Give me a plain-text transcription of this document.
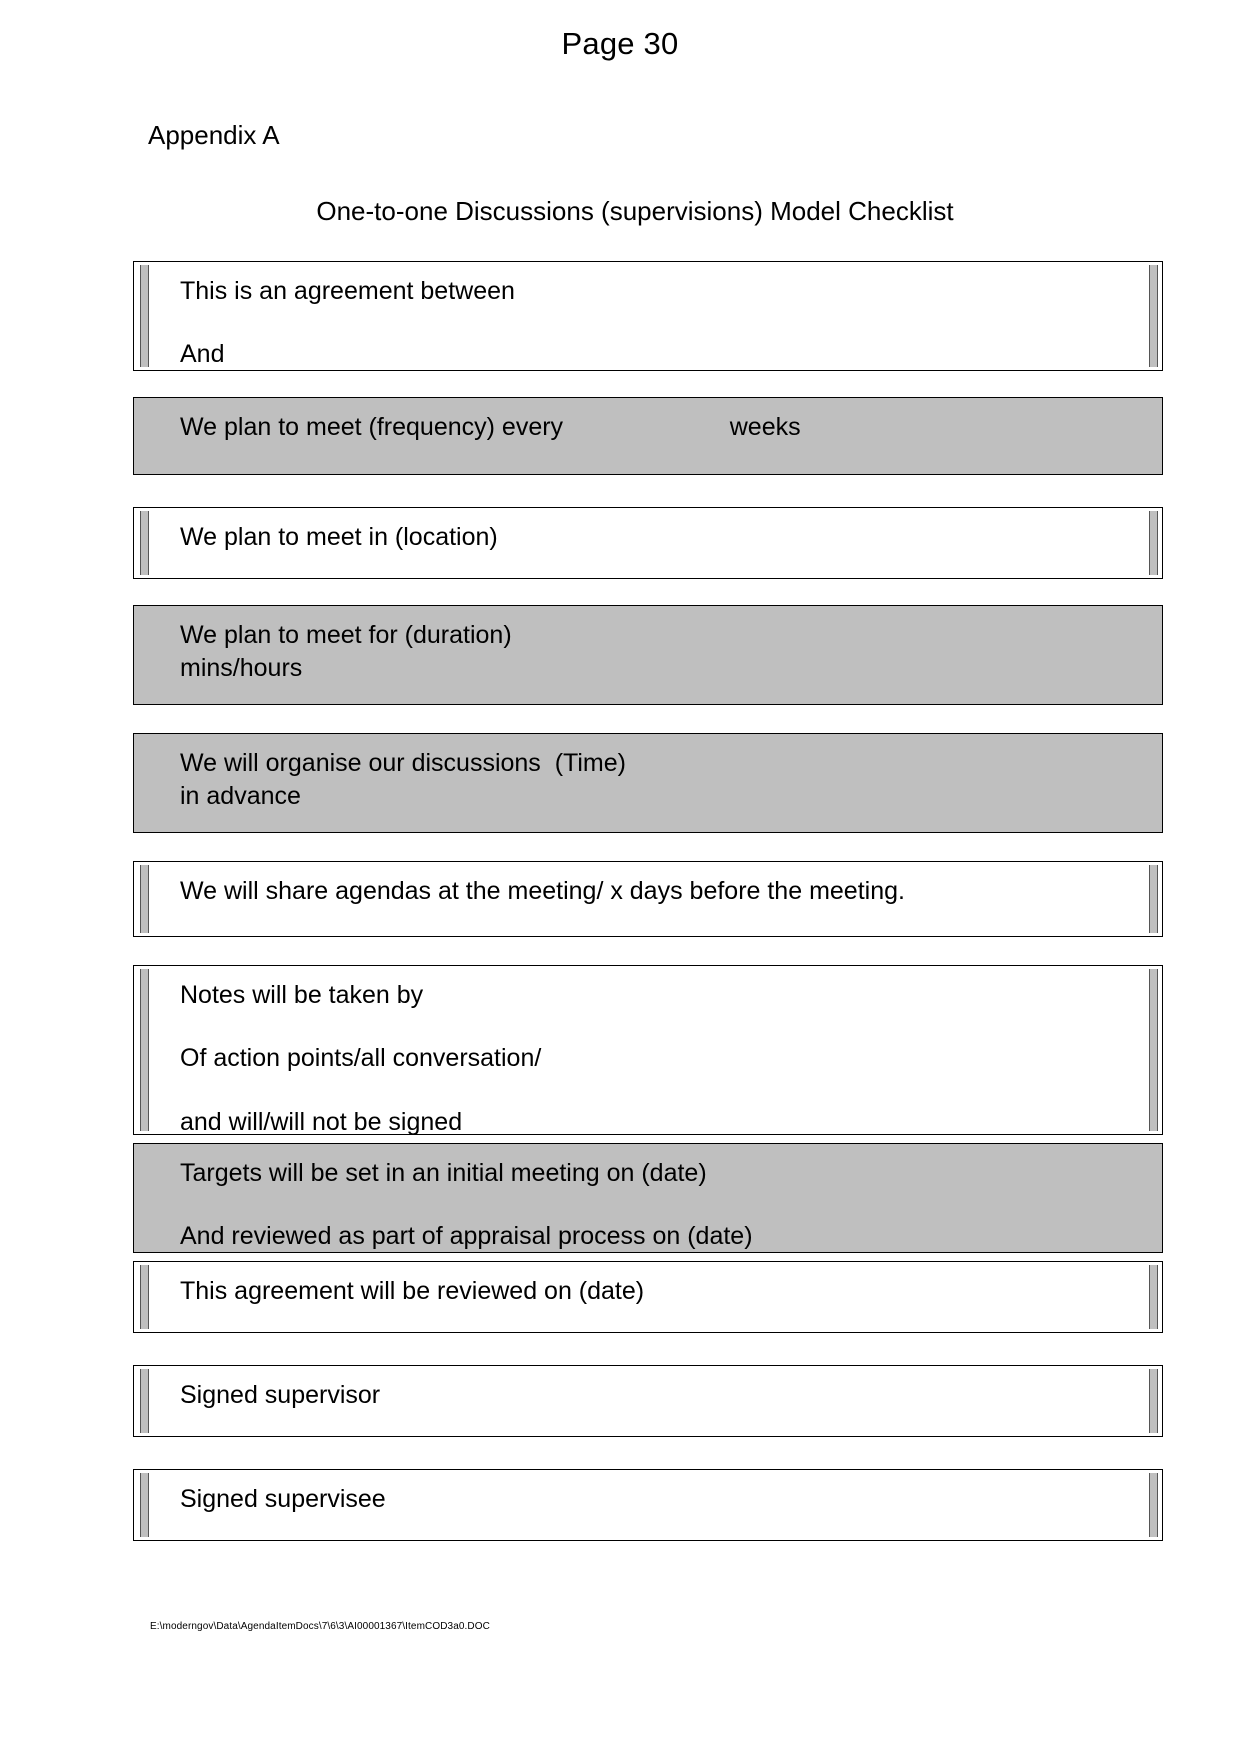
Page 30
Appendix A
One-to-one Discussions (supervisions) Model Checklist
This is an agreement between
And
We plan to meet (frequency) every                        weeks
We plan to meet in (location)
We plan to meet for (duration)
mins/hours
We will organise our discussions  (Time)
in advance
We will share agendas at the meeting/ x days before the meeting.
Notes will be taken by
Of action points/all conversation/
and will/will not be signed
Targets will be set in an initial meeting on (date)
And reviewed as part of appraisal process on (date)
This agreement will be reviewed on (date)
Signed supervisor
Signed supervisee
E:\moderngov\Data\AgendaItemDocs\7\6\3\AI00001367\ItemCOD3a0.DOC
